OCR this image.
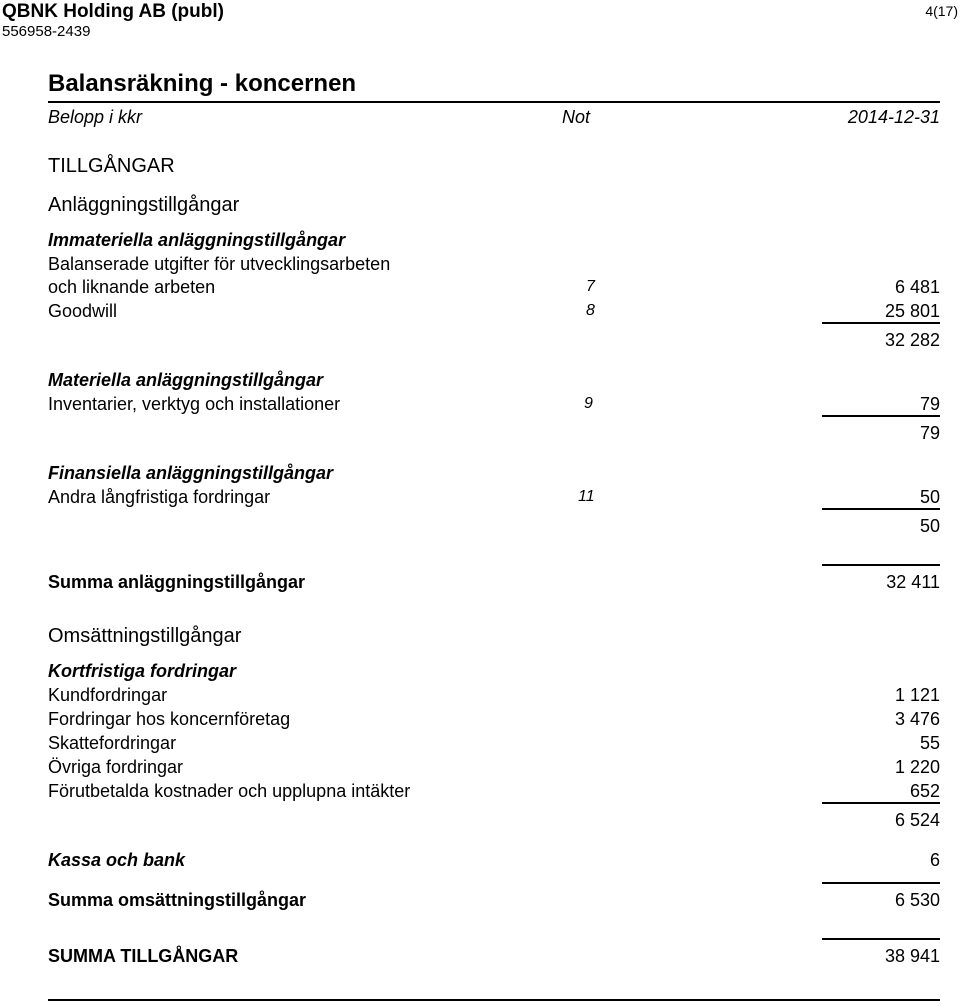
QBNK Holding AB (publ)
556958-2439
4(17)
Balansräkning - koncernen
Belopp i kkr	Not	2014-12-31
TILLGÅNGAR
Anläggningstillgångar
Immateriella anläggningstillgångar
Balanserade utgifter för utvecklingsarbeten
och liknande arbeten	7	6 481
Goodwill	8	25 801
32 282
Materiella anläggningstillgångar
Inventarier, verktyg och installationer	9	79
79
Finansiella anläggningstillgångar
Andra långfristiga fordringar	11	50
50
Summa anläggningstillgångar	32 411
Omsättningstillgångar
Kortfristiga fordringar
Kundfordringar	1 121
Fordringar hos koncernföretag	3 476
Skattefordringar	55
Övriga fordringar	1 220
Förutbetalda kostnader och upplupna intäkter	652
6 524
Kassa och bank	6
Summa omsättningstillgångar	6 530
SUMMA TILLGÅNGAR	38 941
